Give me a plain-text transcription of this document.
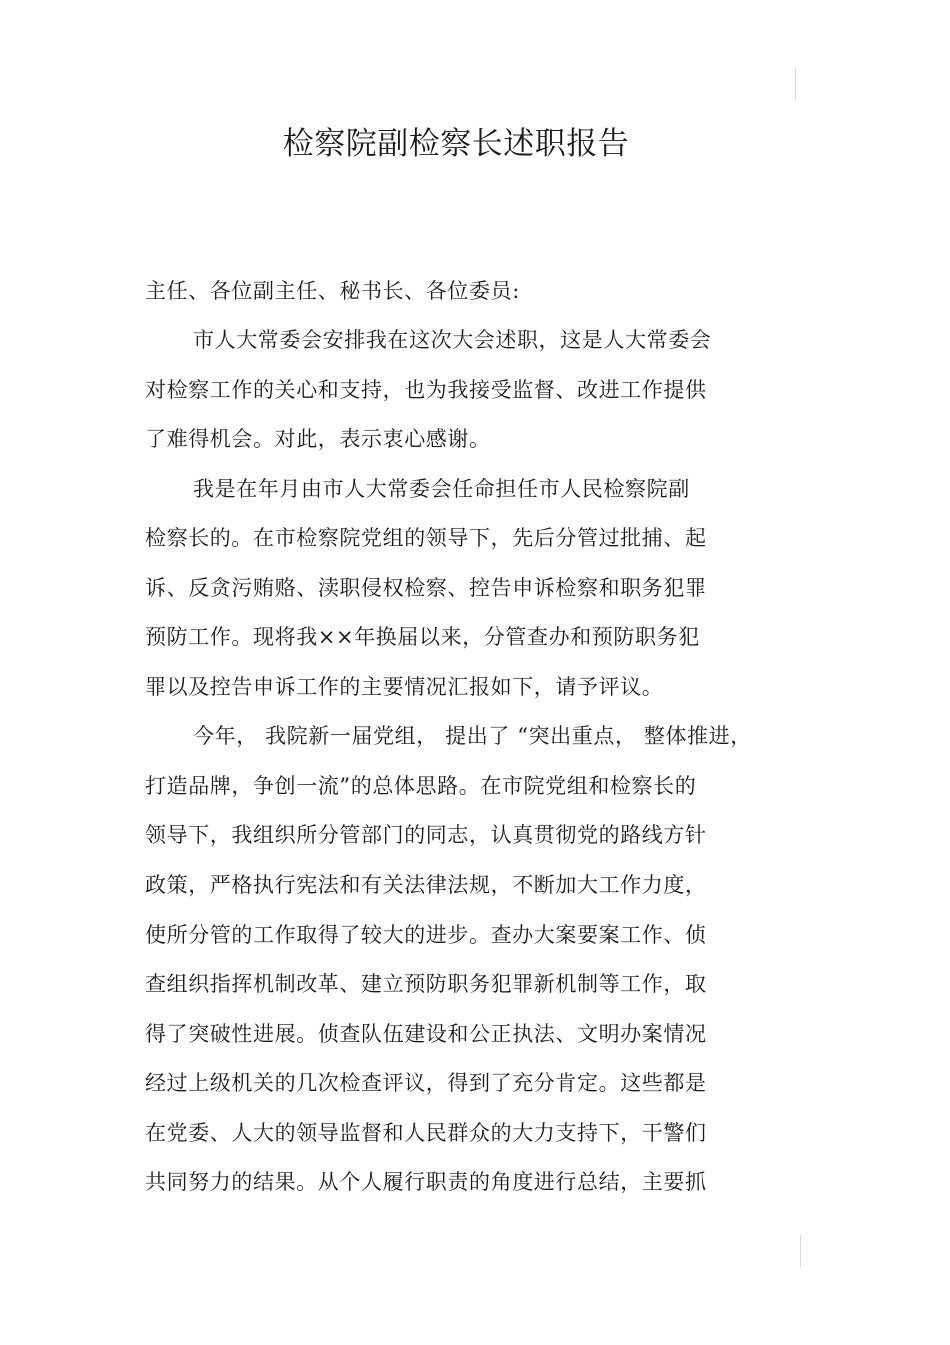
检察院副检察长述职报告
主任、各位副主任、秘书长、各位委员:
市人大常委会安排我在这次大会述职，这是人大常委会
对检察工作的关心和支持，也为我接受监督、改进工作提供
了难得机会。对此，表示衷心感谢。
我是在年月由市人大常委会任命担任市人民检察院副
检察长的。在市检察院党组的领导下，先后分管过批捕、起
诉、反贪污贿赂、渎职侵权检察、控告申诉检察和职务犯罪
预防工作。现将我××年换届以来，分管查办和预防职务犯
罪以及控告申诉工作的主要情况汇报如下，请予评议。
今年， 我院新一届党组， 提出了 “突出重点， 整体推进，
打造品牌，争创一流”的总体思路。在市院党组和检察长的
领导下，我组织所分管部门的同志，认真贯彻党的路线方针
政策，严格执行宪法和有关法律法规，不断加大工作力度，
使所分管的工作取得了较大的进步。查办大案要案工作、侦
查组织指挥机制改革、建立预防职务犯罪新机制等工作，取
得了突破性进展。侦查队伍建设和公正执法、文明办案情况
经过上级机关的几次检查评议，得到了充分肯定。这些都是
在党委、人大的领导监督和人民群众的大力支持下，干警们
共同努力的结果。从个人履行职责的角度进行总结，主要抓
